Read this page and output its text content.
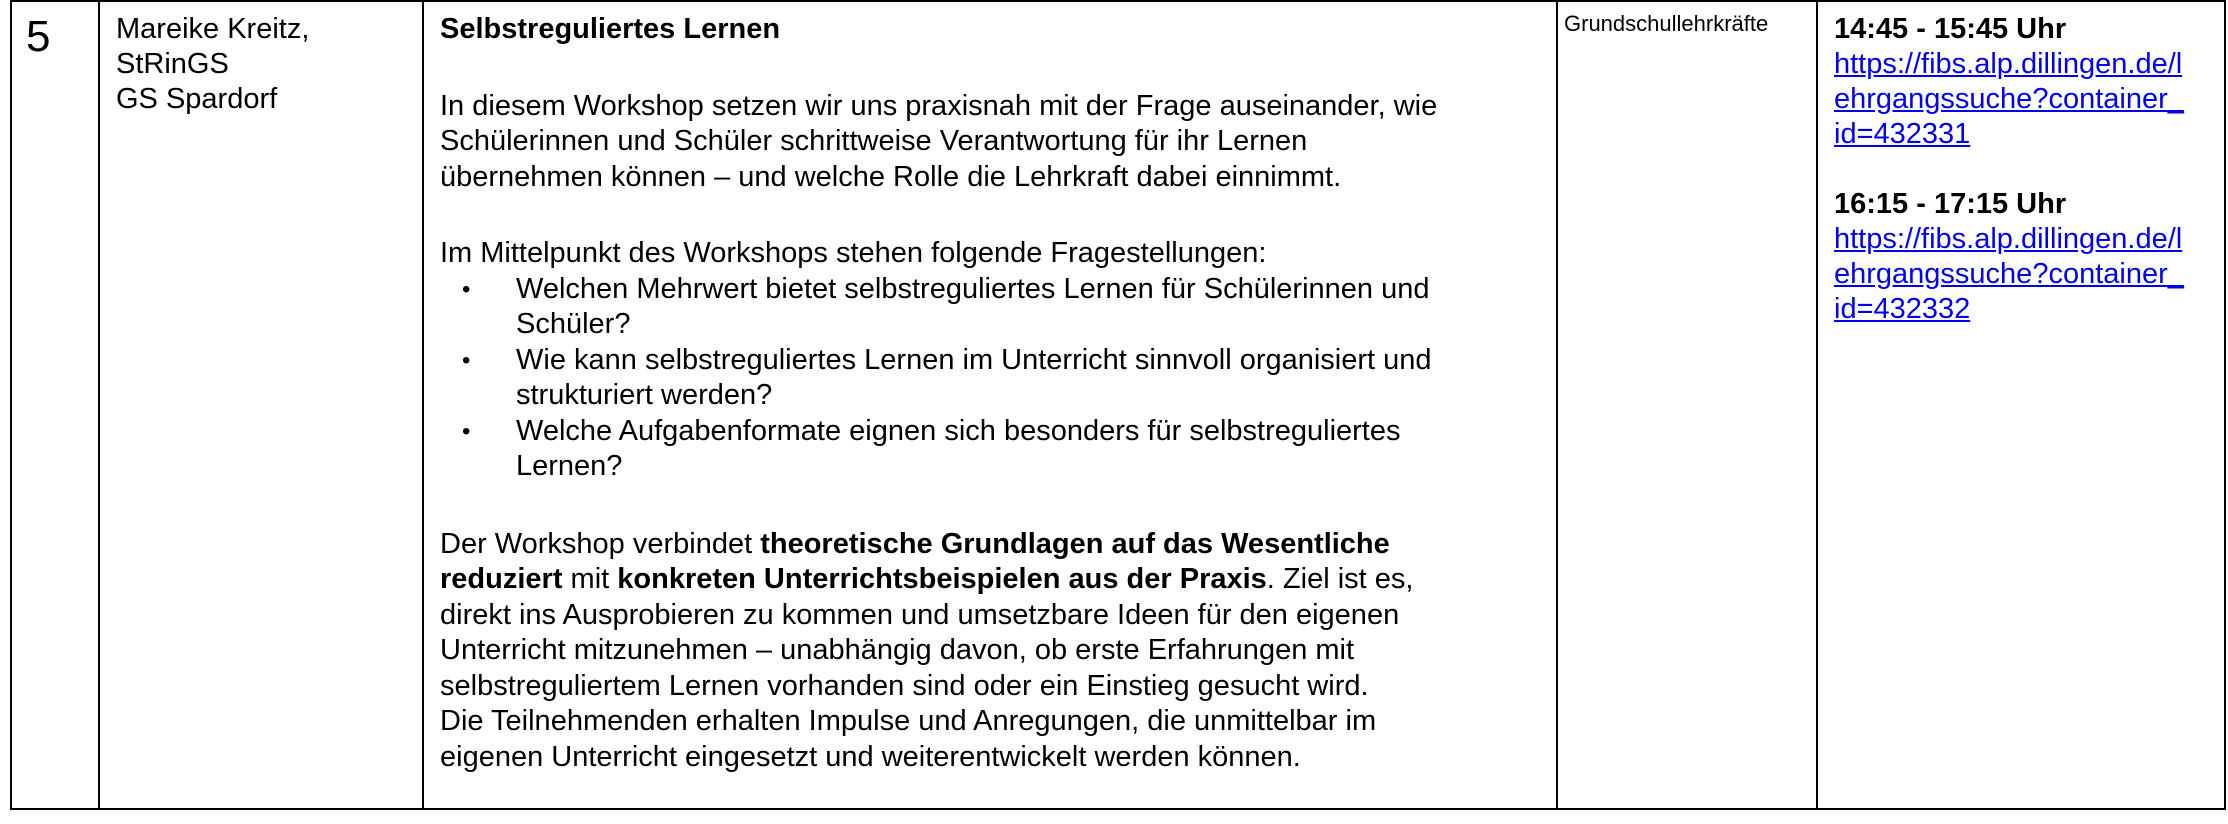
5	Mareike Kreitz,
StRinGS
GS Spardorf

Selbstreguliertes Lernen

In diesem Workshop setzen wir uns praxisnah mit der Frage auseinander, wie

Schülerinnen und Schüler schrittweise Verantwortung für ihr Lernen

übernehmen können – und welche Rolle die Lehrkraft dabei einnimmt.

Im Mittelpunkt des Workshops stehen folgende Fragestellungen:

• Welchen Mehrwert bietet selbstreguliertes Lernen für Schülerinnen und
Schüler?
• Wie kann selbstreguliertes Lernen im Unterricht sinnvoll organisiert und
strukturiert werden?
• Welche Aufgabenformate eignen sich besonders für selbstreguliertes
Lernen?

Der Workshop verbindet theoretische Grundlagen auf das Wesentliche

reduziert mit konkreten Unterrichtsbeispielen aus der Praxis. Ziel ist es,

direkt ins Ausprobieren zu kommen und umsetzbare Ideen für den eigenen

Unterricht mitzunehmen – unabhängig davon, ob erste Erfahrungen mit

selbstreguliertem Lernen vorhanden sind oder ein Einstieg gesucht wird.

Die Teilnehmenden erhalten Impulse und Anregungen, die unmittelbar im

eigenen Unterricht eingesetzt und weiterentwickelt werden können.

Grundschullehrkräfte	14:45 - 15:45 Uhr
https://fibs.alp.dillingen.de/l
ehrgangssuche?container_
id=432331
16:15 - 17:15 Uhr
https://fibs.alp.dillingen.de/l
ehrgangssuche?container_
id=432332
